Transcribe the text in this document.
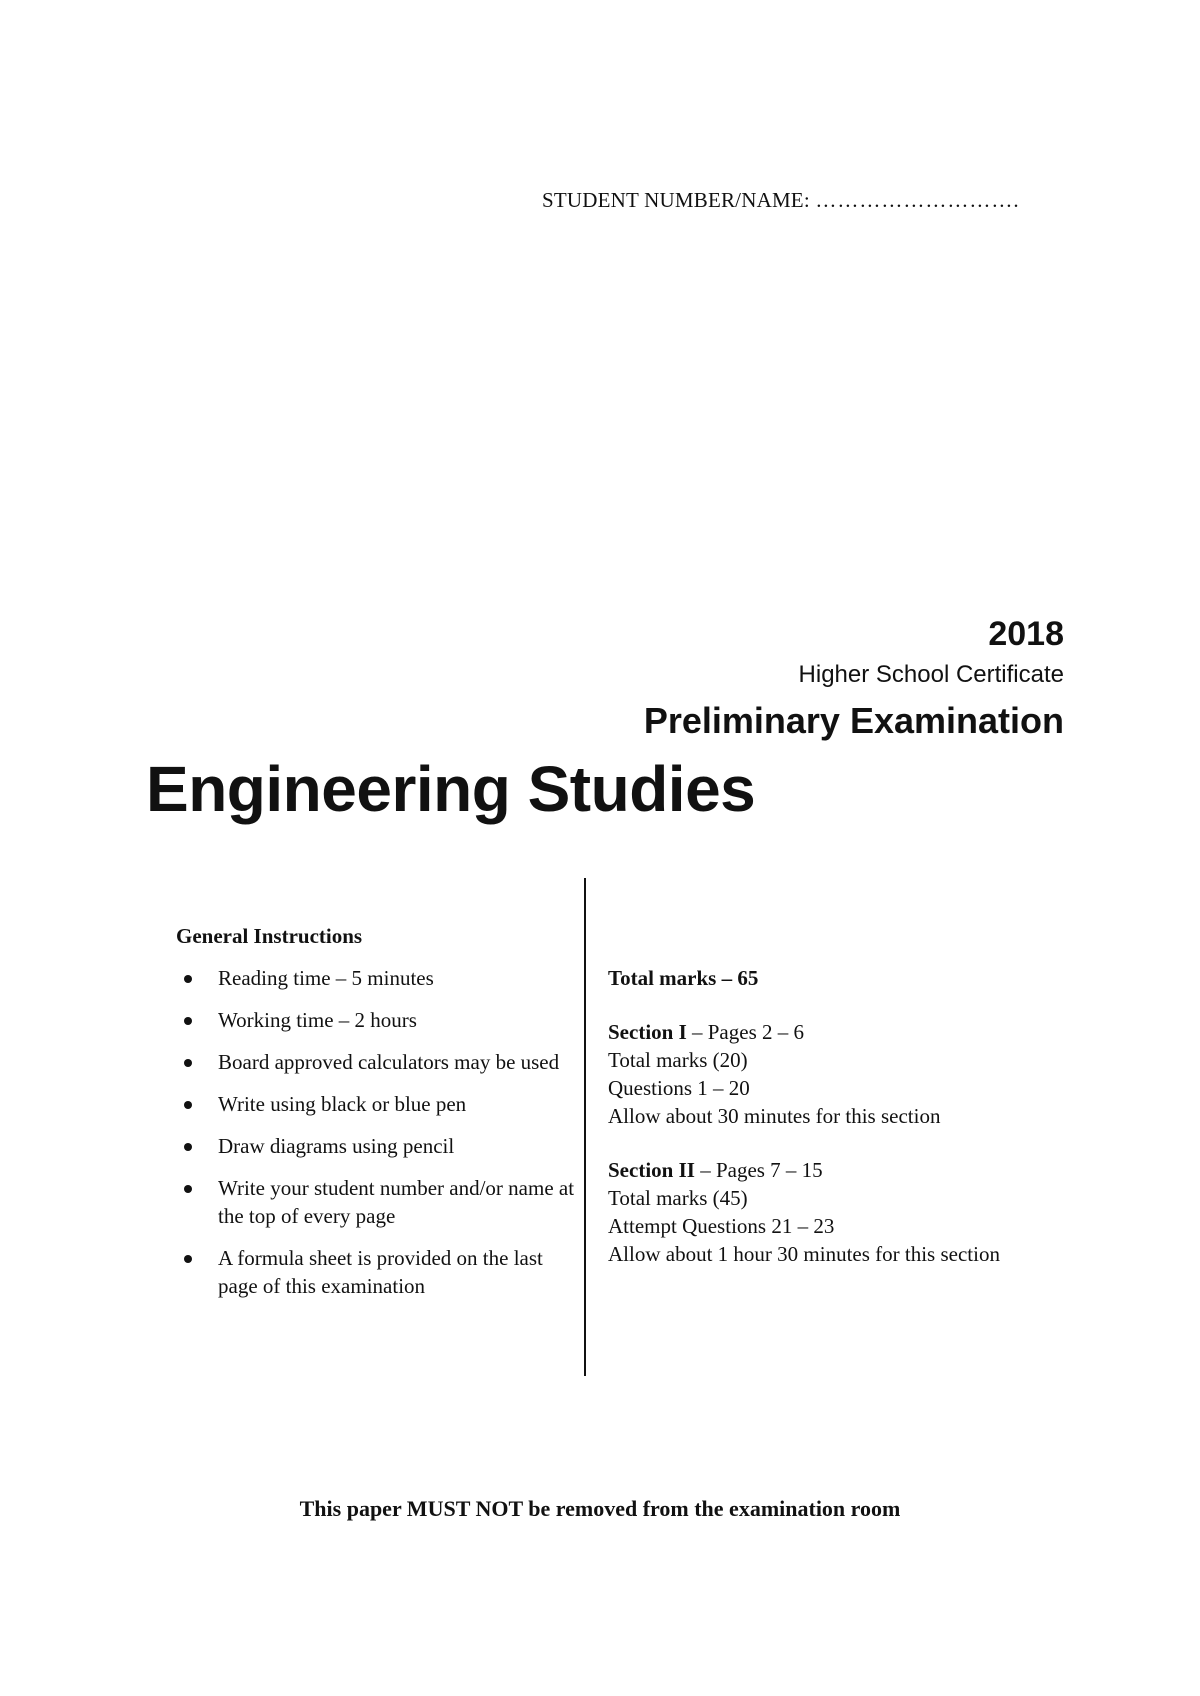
STUDENT NUMBER/NAME: ……………………….
2018
Higher School Certificate
Preliminary Examination
Engineering Studies
General Instructions
Reading time – 5 minutes
Working time – 2 hours
Board approved calculators may be used
Write using black or blue pen
Draw diagrams using pencil
Write your student number and/or name at the top of every page
A formula sheet is provided on the last page of this examination
Total marks – 65
Section I – Pages 2 – 6
Total marks (20)
Questions 1 – 20
Allow about 30 minutes for this section
Section II – Pages 7 – 15
Total marks (45)
Attempt Questions 21 – 23
Allow about 1 hour 30 minutes for this section
This paper MUST NOT be removed from the examination room
